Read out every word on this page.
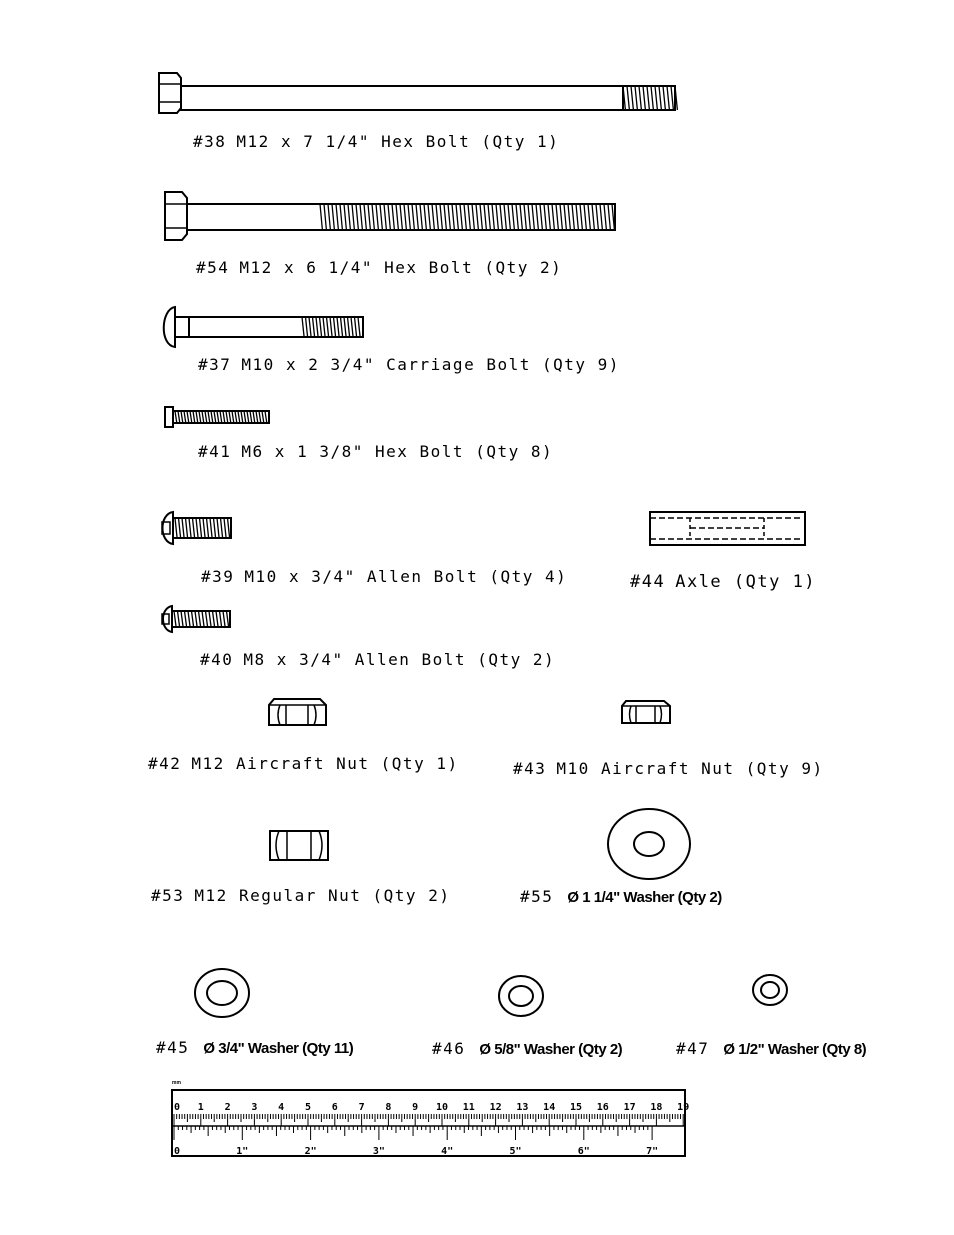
#38 M12 x 7 1/4" Hex Bolt (Qty 1)
#54 M12 x 6 1/4" Hex Bolt (Qty 2)
#37 M10 x 2 3/4" Carriage Bolt (Qty 9)
#41 M6 x 1 3/8" Hex Bolt (Qty 8)
#39 M10 x 3/4" Allen Bolt (Qty 4)	#44 Axle (Qty 1)
#40 M8 x 3/4" Allen Bolt (Qty 2)
#42 M12 Aircraft Nut (Qty 1)	#43 M10 Aircraft Nut (Qty 9)
#53 M12 Regular Nut (Qty 2)	#55 Ø 1 1/4" Washer (Qty 2)
#45 Ø 3/4" Washer (Qty 11)	#46 Ø 5/8" Washer (Qty 2)	#47 Ø 1/2" Washer (Qty 8)
mm
0 1 2 3 4 5 6 7 8 9 10 11 12 13 14 15 16 17 18 19
0	1"	2"	3"	4"	5"	6"	7"
